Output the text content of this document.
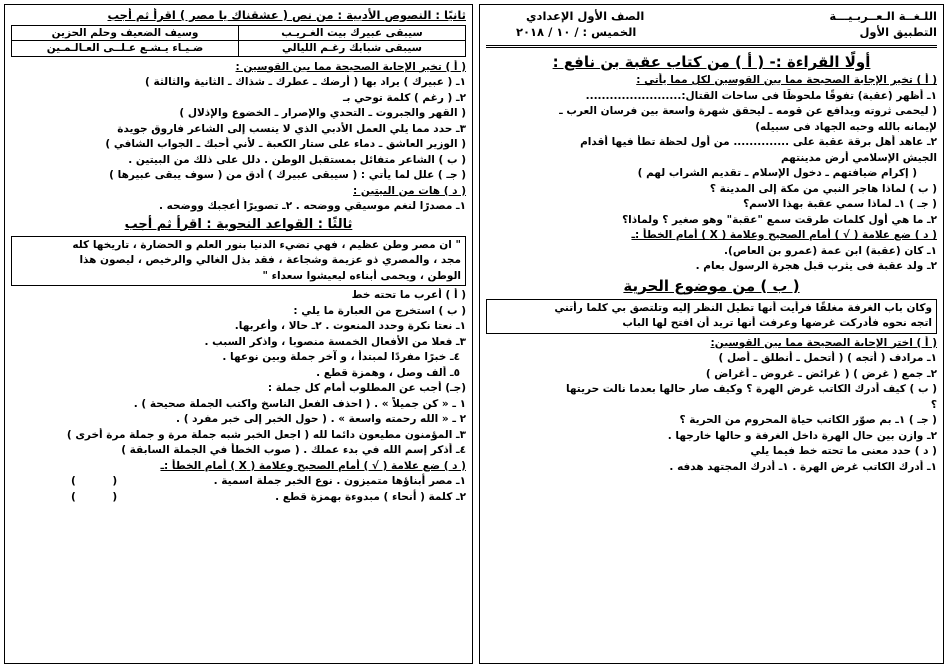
اللـغــة الـعــربـيـــة
الصف الأول الإعدادي
التطبيق الأول
الخميس : / ١٠ / ٢٠١٨
أولًا القراءة :- ( أ ) من كتاب عقبة بن نافع :
( أ ) تخير الإجابة الصحيحة مما بين القوسين لكل مما يأتي :
١ـ أظهر (عقبة) تفوقًا ملحوظًا فى ساحات القتال:........................
( ليحمى ثروته ويدافع عن قومه ـ ليحقق شهرة واسعة بين فرسان العرب ـ
لإيمانه بالله وحبه الجهاد فى سبيله)
٢ـ عاهد أهل برقة عقبة على .............. من أول لحظة تطأ فيها أقدام
الجيش الإسلامي أرض مدينتهم
( إكرام ضيافتهم ـ دخول الإسلام ـ تقديم الشراب لهم )
( ب ) لماذا هاجر النبي من مكة إلى المدينة ؟
( جـ ) ١ـ لماذا سمي عقبة بهذا الاسم؟
٢ـ ما هي أول كلمات طرقت سمع "عقبة" وهو صغير ؟ ولماذا؟
( د ) ضع علامة ( √ ) أمام الصحيح وعلامة ( X ) أمام الخطأ :ـ
١ـ كان (عقبة) ابن عمة (عمرو بن العاص).
٢ـ ولد عقبة فى يثرب قبل هجرة الرسول بعام .
( ب ) من موضوع الحرية
وكان باب الغرفة مغلقًا فرأيت أنها تطيل النظر إليه وتلتصق بي كلما رأتني
اتجه نحوه فأدركت غرضها وعرفت أنها تريد أن افتح لها الباب
( أ ) اختر الإجابة الصحيحة مما بين القوسين:
١ـ مرادف ( أتجه ) ( أتحمل ـ أنطلق ـ أصل )
٢ـ جمع ( غرض ) ( غرائض ـ غروض ـ أغراض )
( ب ) كيف أدرك الكاتب غرض الهرة ؟ وكيف صار حالها بعدما نالت حريتها
؟
( جـ ) ١ـ بم صوّر الكاتب حياة المحروم من الحرية ؟
٢ـ وازن بين حال الهرة داخل الغرفة و حالها خارجها .
( د ) حدد معنى ما تحته خط فيما يلي
١ـ أدرك الكاتب غرض الهرة . ١ـ أدرك المجتهد هدفه .
ثانيًا : النصوص الأدبية : من نص ( عشقناك يا مصر ) اقرأ ثم أجب
سيبقى عبيرك بيت الغـريـب	وسيف الضعيف وحلم الحزين
سيبقى شبابك رغـم الليالي	ضـيـاء يـشـع عـلــى العـالـمـين
( أ ) تخير الإجابة الصحيحة مما بين القوسين :
١ـ ( عبيرك ) يراد بها ( أرضك ـ عطرك ـ شذاك ـ الثانية والثالثة )
٢ـ ( رغم ) كلمة توحي بـ
( القهر والجبروت ـ التحدي والإصرار ـ الخضوع والإذلال )
٣ـ حدد مما يلي العمل الأدبي الذي لا ينسب إلى الشاعر فاروق جويدة
( الوزير العاشق ـ دماء على ستار الكعبة ـ لأني أحبك ـ الجواب الشافي )
( ب ) الشاعر متفائل بمستقبل الوطن . دلل على ذلك من البيتين .
( جـ ) علل لما يأتي : ( سيبقى عبيرك ) أدق من ( سوف يبقى عبيرها )
( د ) هات من البيتين :
١ـ مصدرًا لنغم موسيقي ووضحه . ٢ـ تصويرًا أعجبك ووضحه .
ثالثًا : القواعد النحوية : اقرأ ثم أجب
" ان مصر وطن عظيم ، فهي تضيء الدنيا بنور العلم و الحضارة ، تاريخها كله
مجد ، والمصري ذو عزيمة وشجاعة ، فقد بذل الغالي والرخيص ، ليصون هذا
الوطن ، ويحمى أبناءه ليعيشوا سعداء "
( أ ) أعرب ما تحته خط
( ب ) استخرج من العبارة ما يلي :
١ـ نعتا نكرة وحدد المنعوت . ٢ـ حالا ، وأعربها.
٣ـ فعلا من الأفعال الخمسة منصوبا ، واذكر السبب .
٤ـ خبرًا مفردًا لمبتدأ ، و آخر جملة وبين نوعها .
٥ـ ألف وصل ، وهمزة قطع .
(جـ) أجب عن المطلوب أمام كل جملة :
١ ـ « كن جميلاً » . ( احذف الفعل الناسخ واكتب الجملة صحيحة ) .
٢ ـ « الله رحمته واسعة » . ( حول الخبر إلى خبر مفرد ) .
٣ـ المؤمنون مطيعون دائما لله ( اجعل الخبر شبه جملة مرة و جملة مرة أخرى )
٤ـ أذكر إسم الله في بدء عملك . ( صوب الخطأ في الجملة السابقة )
( د ) ضع علامة ( √ ) أمام الصحيح وعلامة ( X ) أمام الخطأ :ـ
١ـ مصر أبناؤها متميزون . نوع الخبر جملة اسمية .
(          )
٢ـ كلمة ( أنحاء ) مبدوءة بهمزة قطع .
(          )
